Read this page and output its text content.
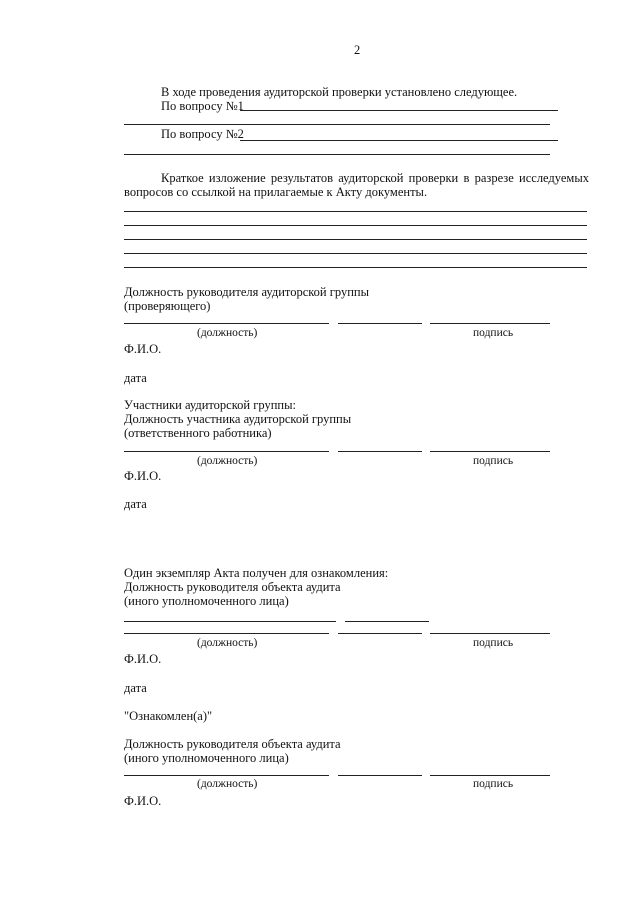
2
В ходе проведения аудиторской проверки установлено следующее.
По вопросу №1
По вопросу №2
Краткое изложение результатов аудиторской проверки в разрезе исследуемых
вопросов со ссылкой на прилагаемые к Акту документы.
Должность руководителя аудиторской группы
(проверяющего)
(должность)	подпись
Ф.И.О.
дата
Участники аудиторской группы:
Должность участника аудиторской группы
(ответственного работника)
(должность)	подпись
Ф.И.О.
дата
Один экземпляр Акта получен для ознакомления:
Должность руководителя объекта аудита
(иного уполномоченного лица)
(должность)	подпись
Ф.И.О.
дата
"Ознакомлен(а)"
Должность руководителя объекта аудита
(иного уполномоченного лица)
(должность)	подпись
Ф.И.О.
